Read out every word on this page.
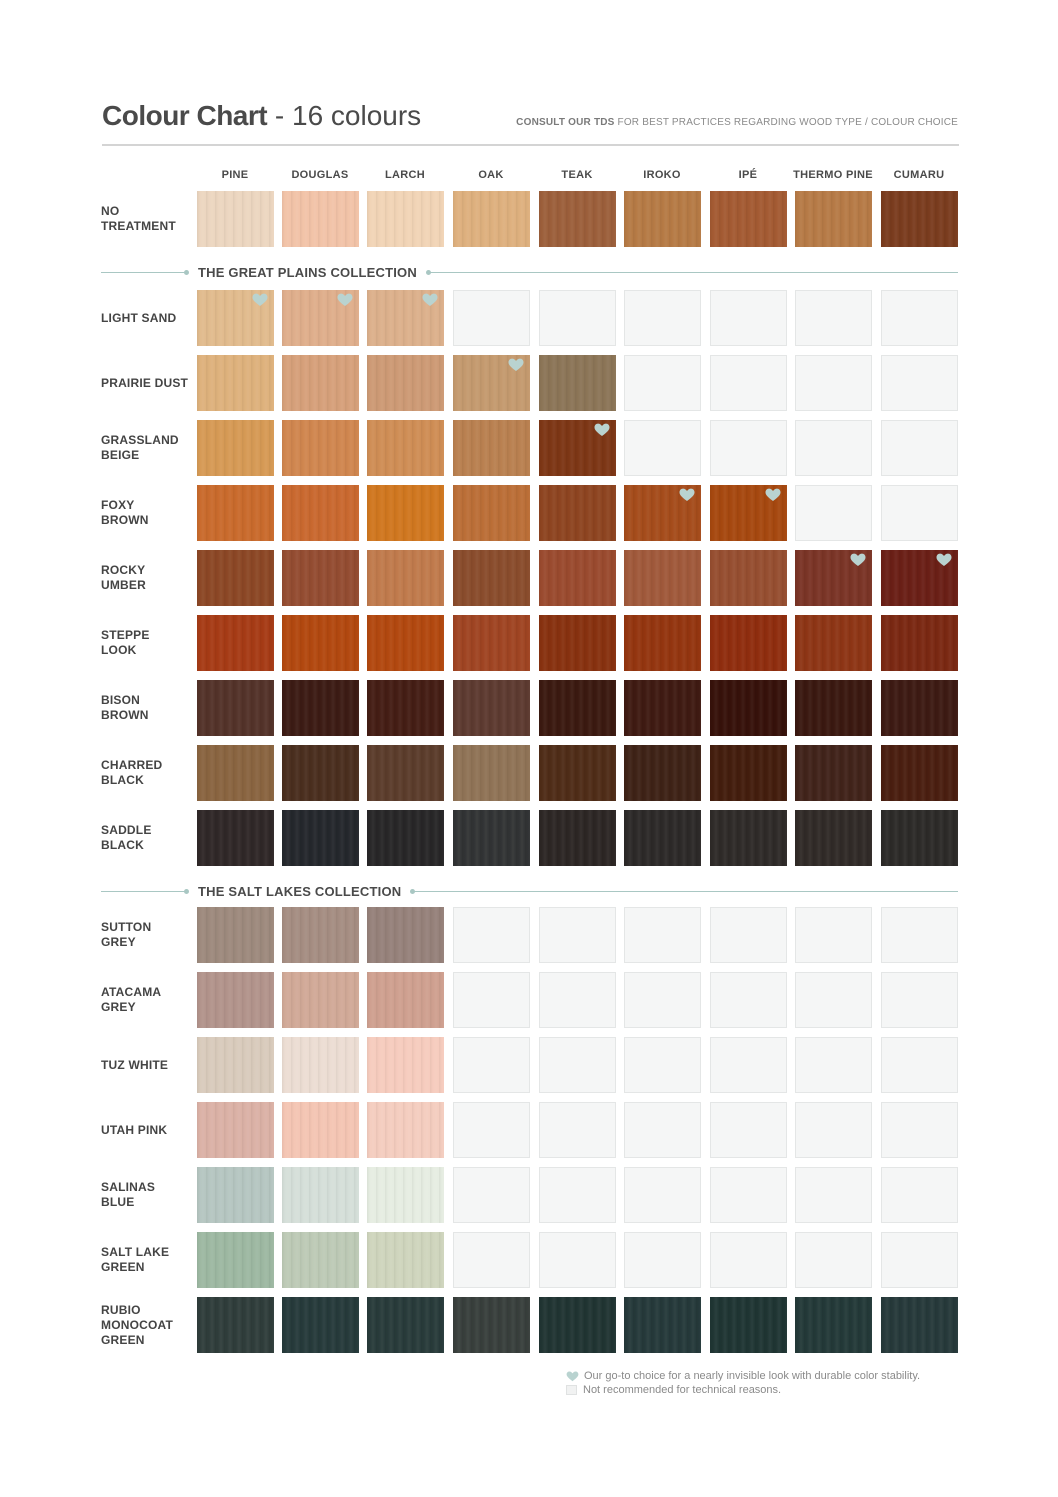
Colour Chart - 16 colours	CONSULT OUR TDS FOR BEST PRACTICES REGARDING WOOD TYPE / COLOUR CHOICE
PINE	DOUGLAS	LARCH	OAK	TEAK	IROKO	IPÉ	THERMO PINE	CUMARU
NO
TREATMENT
THE GREAT PLAINS COLLECTION
LIGHT SAND
PRAIRIE DUST
GRASSLAND
BEIGE
FOXY
BROWN
ROCKY
UMBER
STEPPE
LOOK
BISON
BROWN
CHARRED
BLACK
SADDLE
BLACK
THE SALT LAKES COLLECTION
SUTTON
GREY
ATACAMA
GREY
TUZ WHITE
UTAH PINK
SALINAS
BLUE
SALT LAKE
GREEN
RUBIO
MONOCOAT
GREEN
Our go-to choice for a nearly invisible look with durable color stability.
Not recommended for technical reasons.
